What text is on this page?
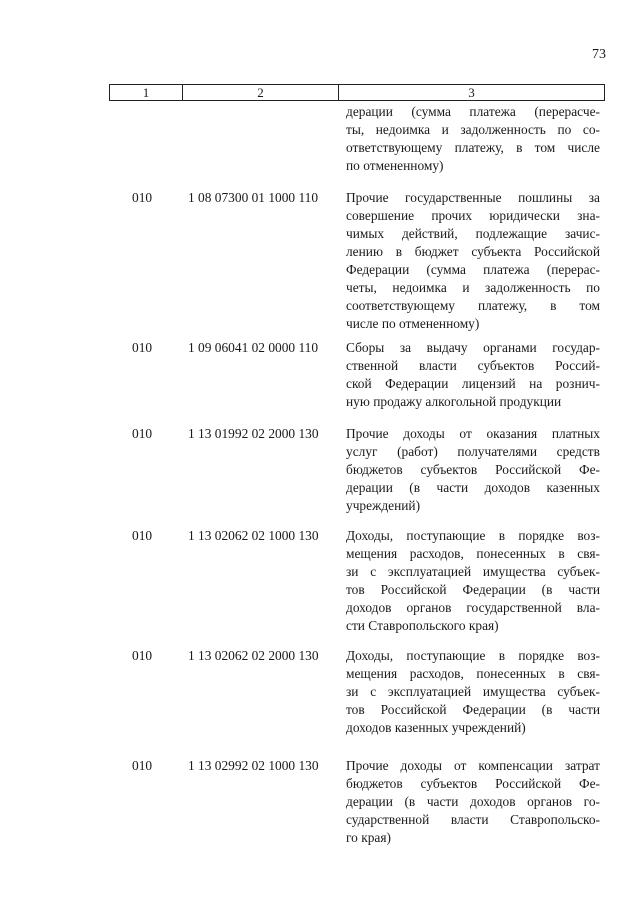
73
1	2	3
дерации (сумма платежа (перерасче-
ты, недоимка и задолженность по со-
ответствующему платежу, в том числе
по отмененному)
010	1 08 07300 01 1000 110 Прочие государственные пошлины за
совершение прочих юридически зна-
чимых действий, подлежащие зачис-
лению в бюджет субъекта Российской
Федерации (сумма платежа (перерас-
четы, недоимка и задолженность по
соответствующему платежу, в том
числе по отмененному)
010	1 09 06041 02 0000 110 Сборы за выдачу органами государ-
ственной власти субъектов Россий-
ской Федерации лицензий на рознич-
ную продажу алкогольной продукции
010	1 13 01992 02 2000 130 Прочие доходы от оказания платных
услуг (работ) получателями средств
бюджетов субъектов Российской Фе-
дерации (в части доходов казенных
учреждений)
010	1 13 02062 02 1000 130 Доходы, поступающие в порядке воз-
мещения расходов, понесенных в свя-
зи с эксплуатацией имущества субъек-
тов Российской Федерации (в части
доходов органов государственной вла-
сти Ставропольского края)
010	1 13 02062 02 2000 130 Доходы, поступающие в порядке воз-
мещения расходов, понесенных в свя-
зи с эксплуатацией имущества субъек-
тов Российской Федерации (в части
доходов казенных учреждений)
010	1 13 02992 02 1000 130 Прочие доходы от компенсации затрат
бюджетов субъектов Российской Фе-
дерации (в части доходов органов го-
сударственной власти Ставропольско-
го края)
